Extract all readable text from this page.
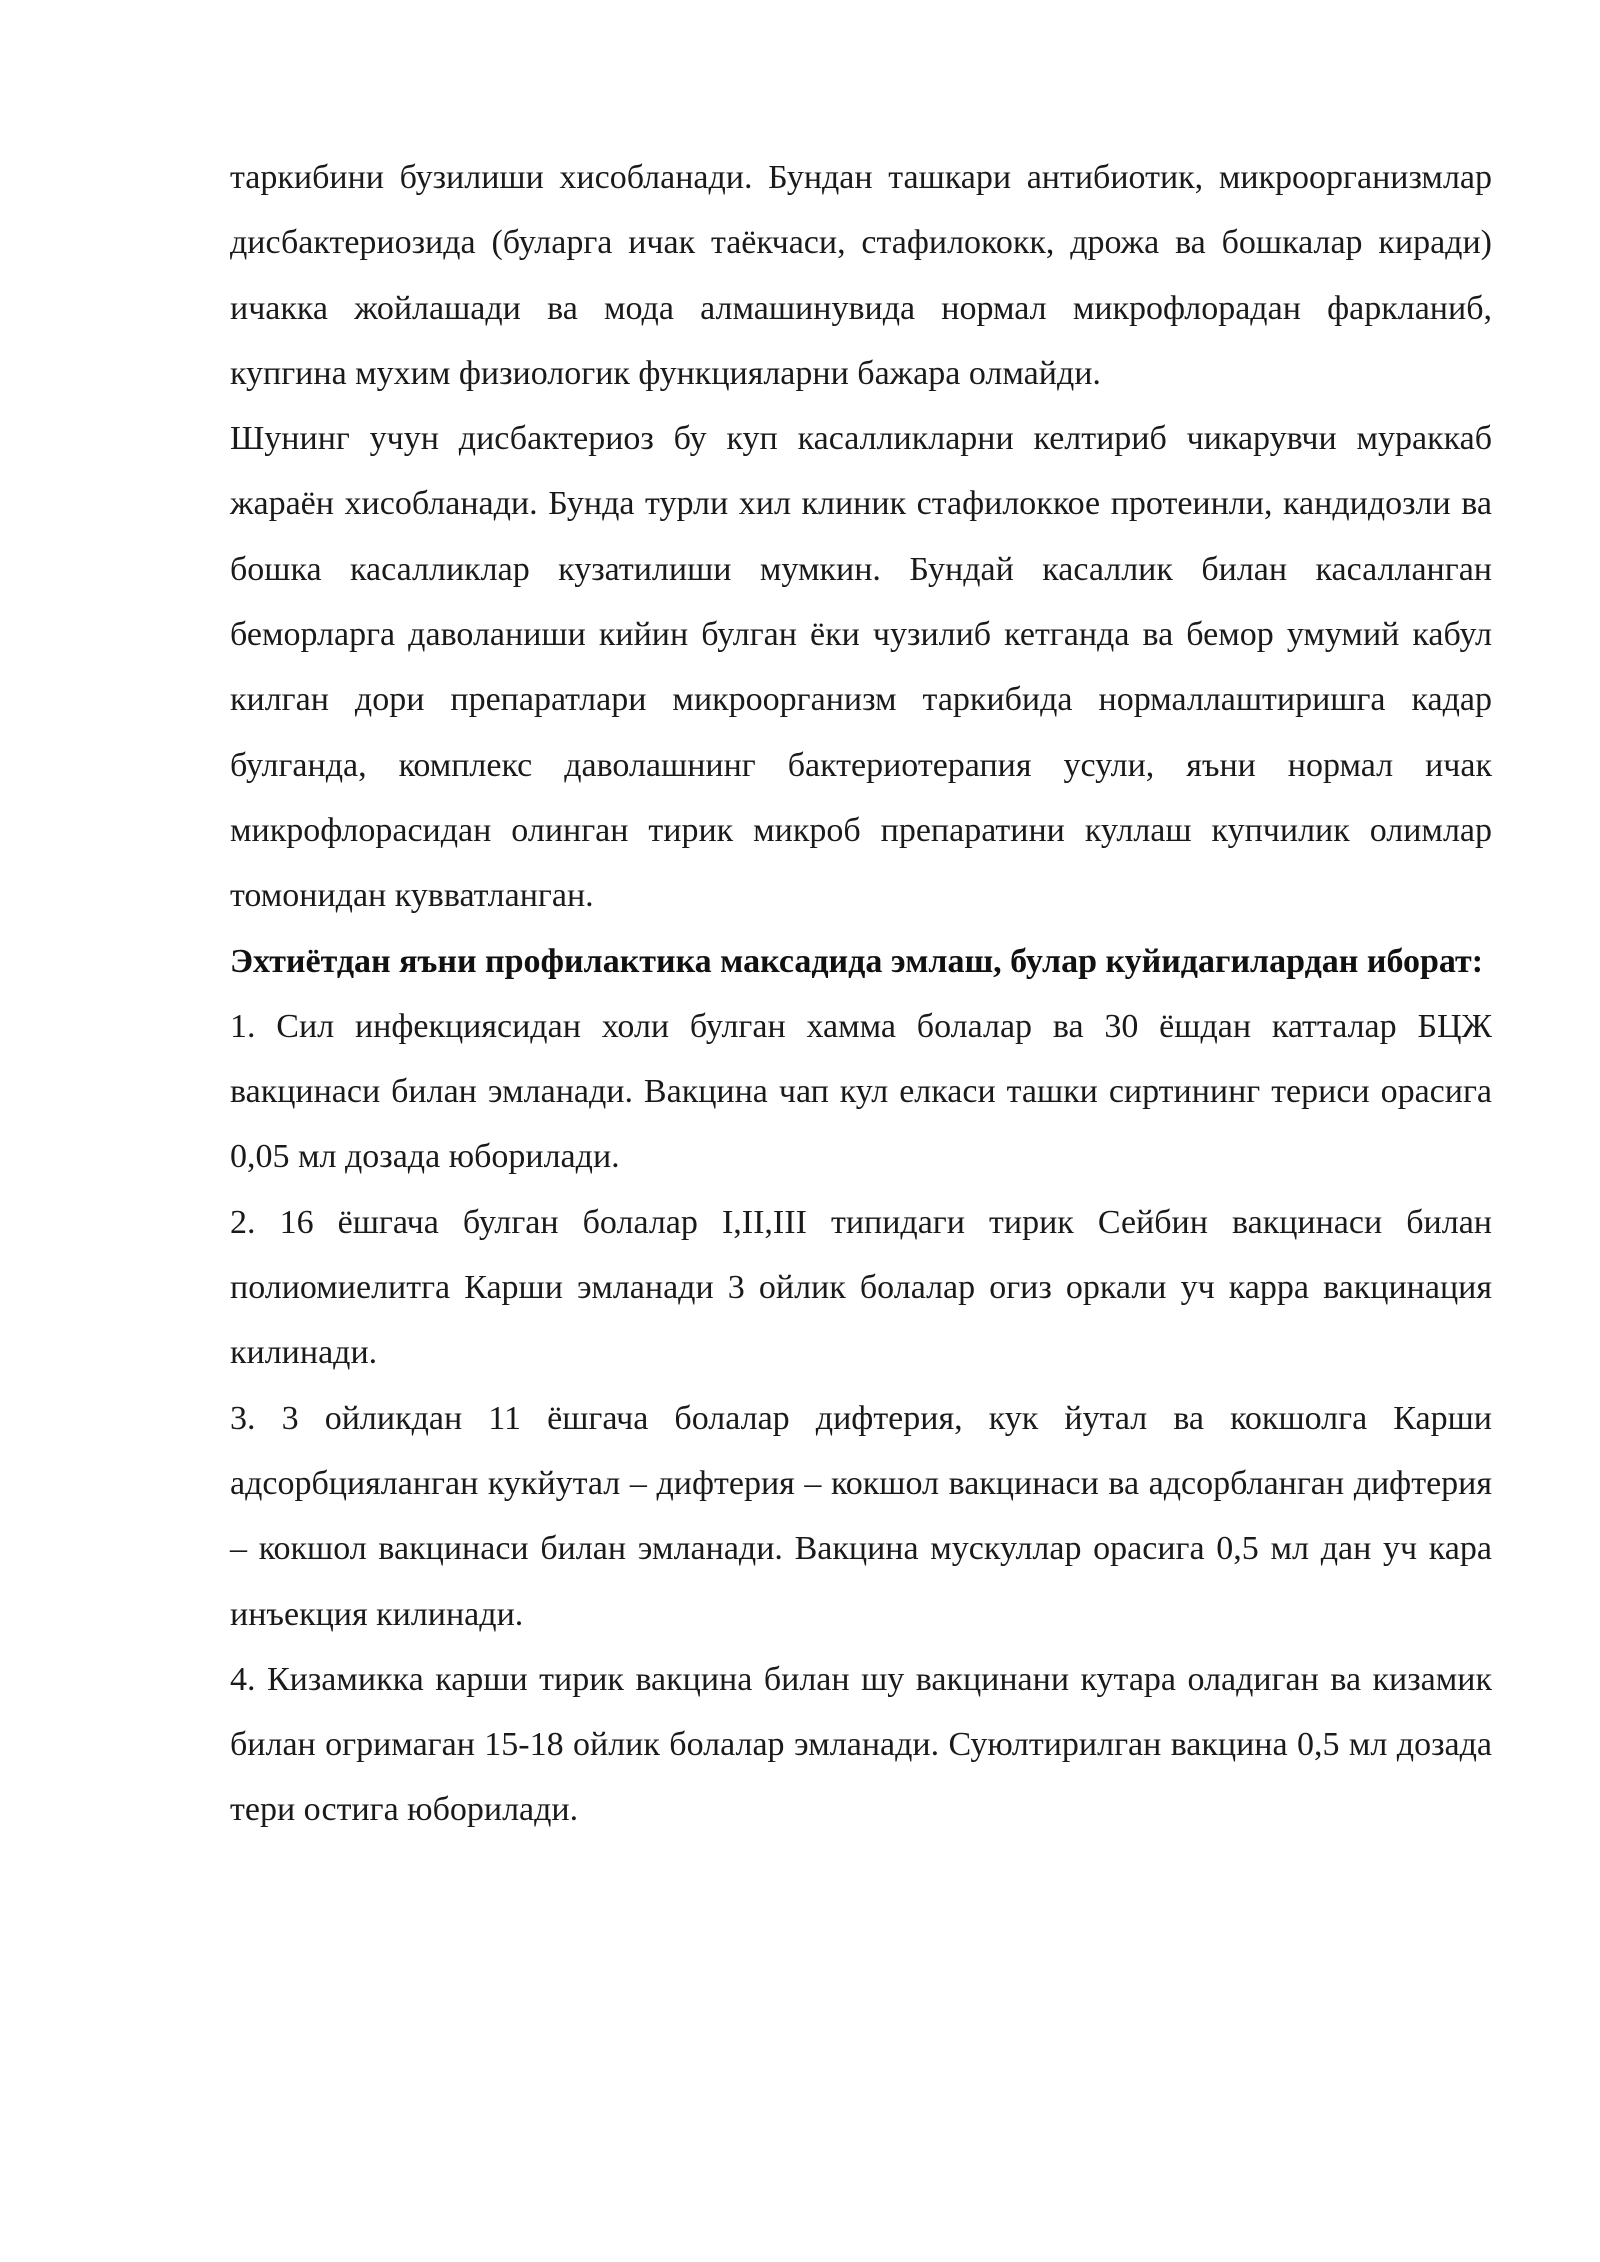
таркибини бузилиши хисобланади. Бундан ташкари антибиотик, микроорганизмлар дисбактериозида (буларга ичак таёкчаси, стафилококк, дрожа ва бошкалар киради) ичакка жойлашади ва мода алмашинувида нормал микрофлорадан фаркланиб, купгина мухим физиологик функцияларни бажара олмайди.

Шунинг учун дисбактериоз бу куп касалликларни келтириб чикарувчи мураккаб жараён хисобланади. Бунда турли хил клиник стафилоккое протеинли, кандидозли ва бошка касалликлар кузатилиши мумкин. Бундай касаллик билан касалланган беморларга даволаниши кийин булган ёки чузилиб кетганда ва бемор умумий кабул килган дори препаратлари микроорганизм таркибида нормаллаштиришга кадар булганда, комплекс даволашнинг бактериотерапия усули, яъни нормал ичак микрофлорасидан олинган тирик микроб препаратини куллаш купчилик олимлар томонидан кувватланган.

Эхтиётдан яъни профилактика максадида эмлаш, булар куйидагилардан иборат:

1. Сил инфекциясидан холи булган хамма болалар ва 30 ёшдан катталар БЦЖ вакцинаси билан эмланади. Вакцина чап кул елкаси ташки сиртининг териси орасига 0,05 мл дозада юборилади.

2. 16 ёшгача булган болалар I,II,III типидаги тирик Сейбин вакцинаси билан полиомиелитга Карши эмланади 3 ойлик болалар огиз оркали уч карра вакцинация килинади.

3. 3 ойликдан 11 ёшгача болалар дифтерия, кук йутал ва кокшолга Карши адсорбцияланган кукйутал – дифтерия – кокшол вакцинаси ва адсорбланган дифтерия – кокшол вакцинаси билан эмланади. Вакцина мускуллар орасига 0,5 мл дан уч кара инъекция килинади.

4. Кизамикка карши тирик вакцина билан шу вакцинани кутара оладиган ва кизамик билан огримаган 15-18 ойлик болалар эмланади. Суюлтирилган вакцина 0,5 мл дозада тери остига юборилади.
